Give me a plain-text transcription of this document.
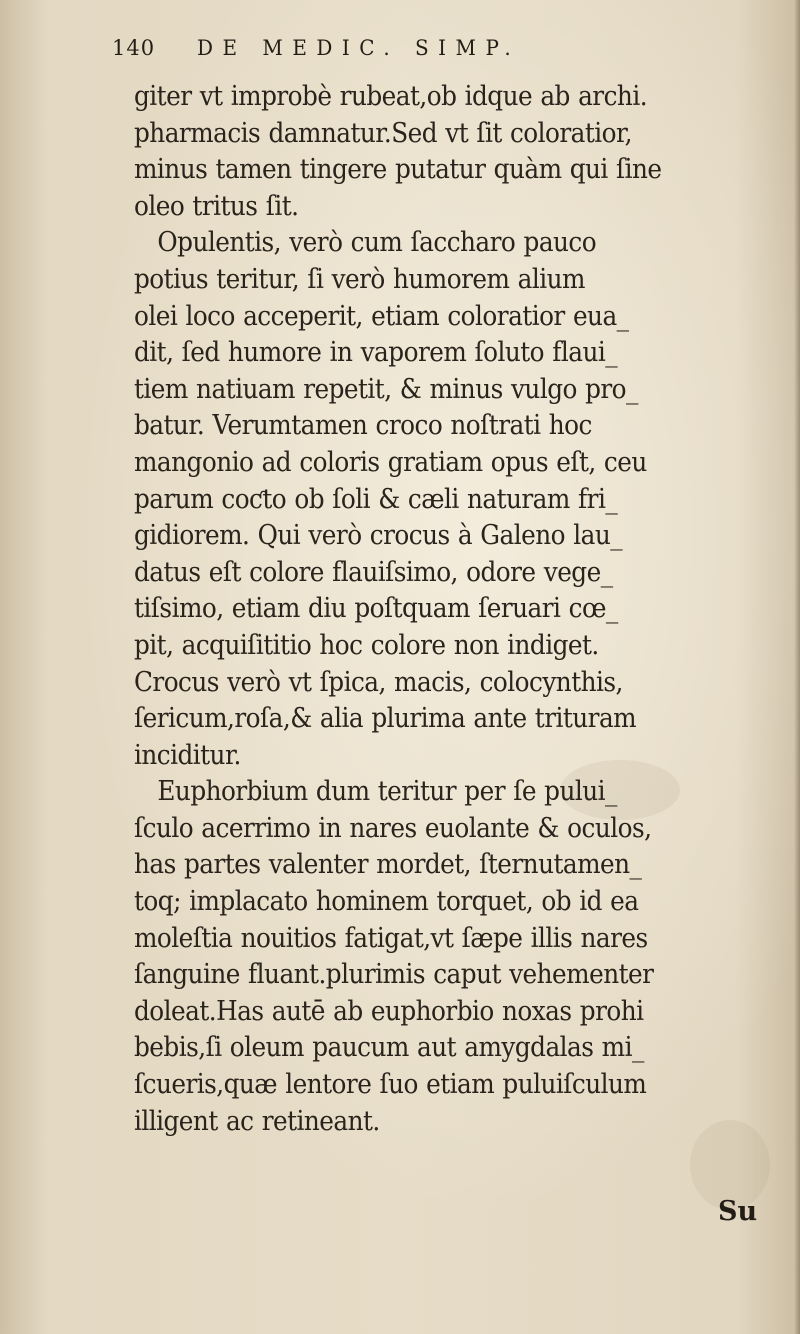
140 DE MEDIC. SIMP.
giter vt improbè rubeat,ob idque ab archi.
pharmacis damnatur.Sed vt ſit coloratior,
minus tamen tingere putatur quàm qui ſine
oleo tritus ſit.
Opulentis, verò cum ſaccharo pauco
potius teritur, ſi verò humorem alium
olei loco acceperit, etiam coloratior eua_
dit, ſed humore in vaporem ſoluto flaui_
tiem natiuam repetit, & minus vulgo pro_
batur. Verumtamen croco noſtrati hoc
mangonio ad coloris gratiam opus eſt, ceu
parum coƈto ob ſoli & cæli naturam fri_
gidiorem. Qui verò crocus à Galeno lau_
datus eſt colore flauiſsimo, odore vege_
tiſsimo, etiam diu poſtquam ſeruari cœ_
pit, acquiſititio hoc colore non indiget.
Crocus verò vt ſpica, macis, colocynthis,
ſericum,roſa,& alia plurima ante trituram
inciditur.
Euphorbium dum teritur per ſe pului_
ſculo acerrimo in nares euolante & oculos,
has partes valenter mordet, ſternutamen_
toq; implacato hominem torquet, ob id ea
moleſtia nouitios fatigat,vt ſæpe illis nares
ſanguine fluant.plurimis caput vehementer
doleat.Has autē ab euphorbio noxas prohi
bebis,ſi oleum paucum aut amygdalas mi_
ſcueris,quæ lentore ſuo etiam puluiſculum
illigent ac retineant.
Su
